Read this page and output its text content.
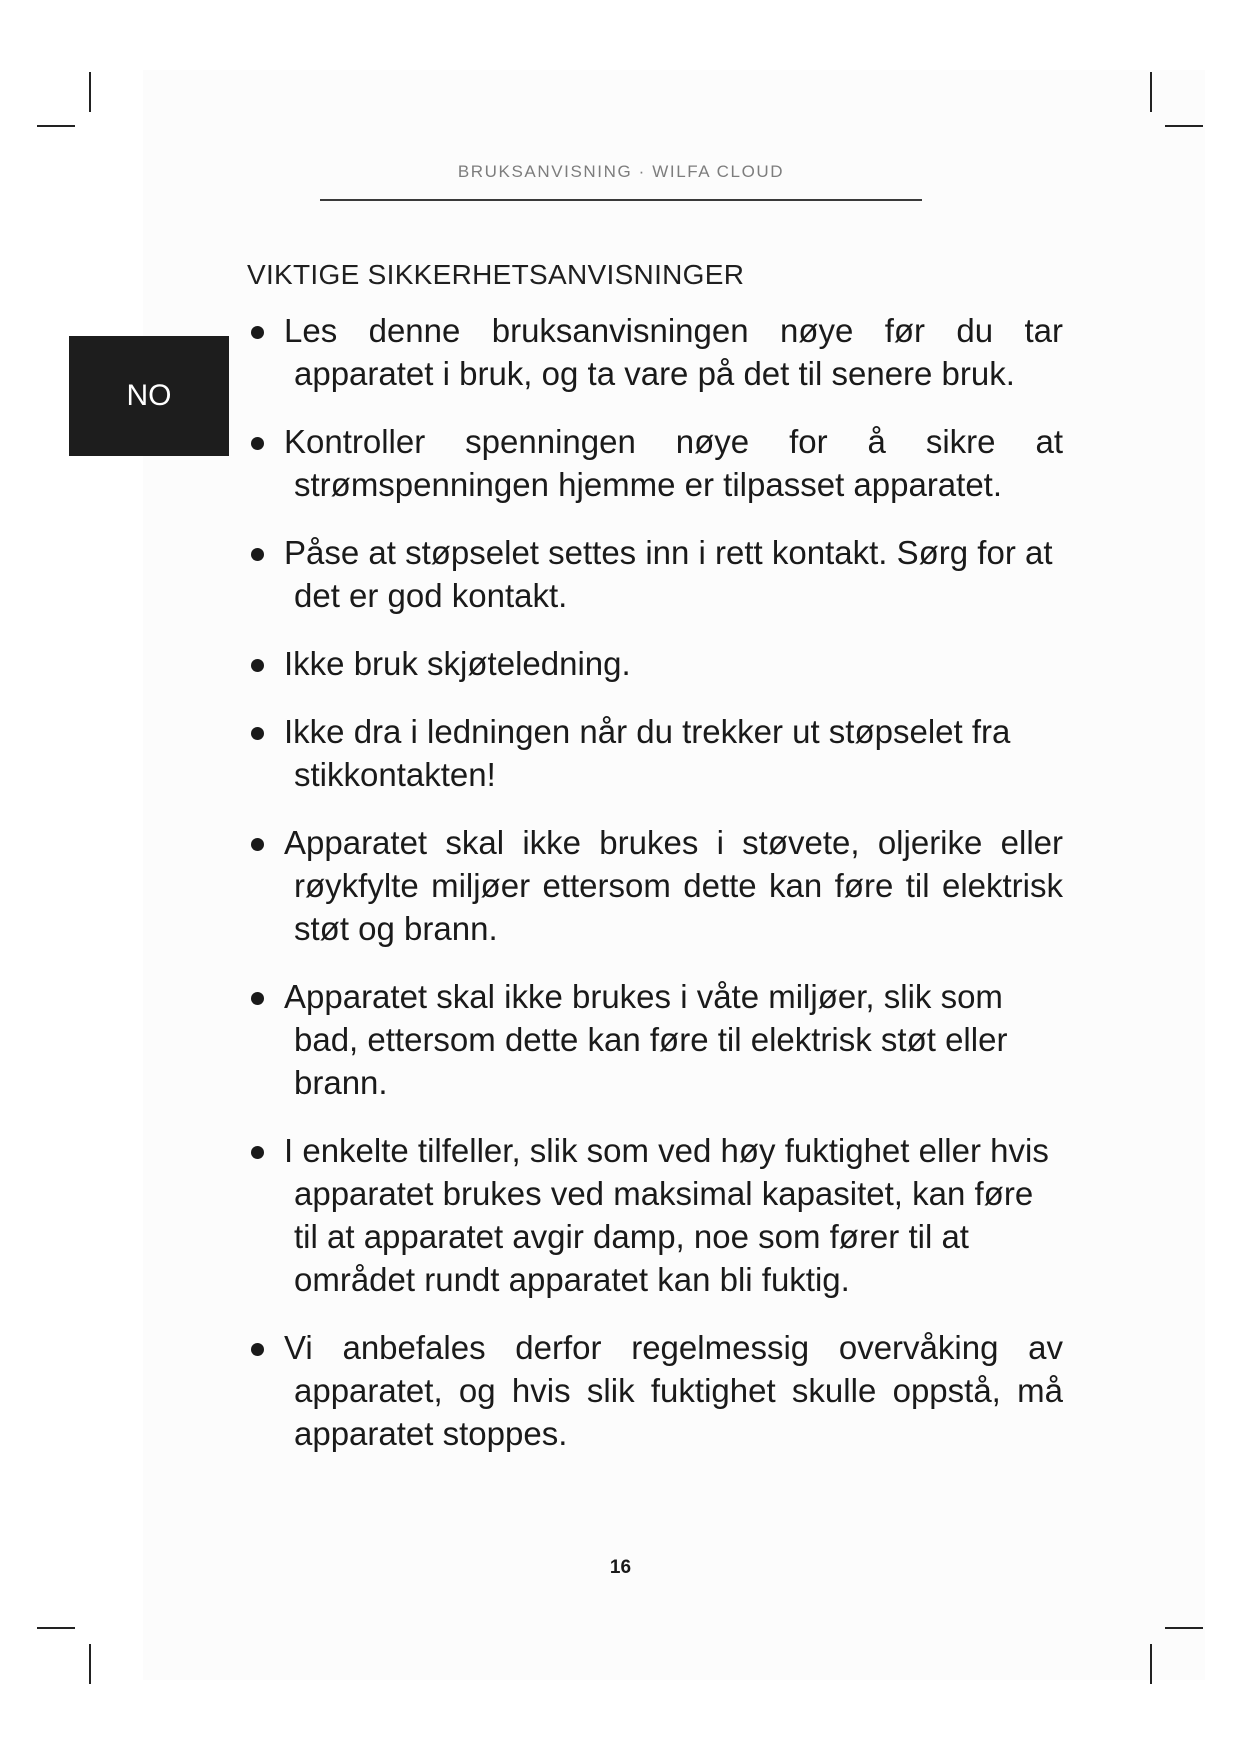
BRUKSANVISNING · WILFA CLOUD
NO
VIKTIGE SIKKERHETSANVISNINGER
Les denne bruksanvisningen nøye før du tar apparatet i bruk, og ta vare på det til senere bruk.
Kontroller spenningen nøye for å sikre at strømspenningen hjemme er tilpasset apparatet.
Påse at støpselet settes inn i rett kontakt. Sørg for at det er god kontakt.
Ikke bruk skjøteledning.
Ikke dra i ledningen når du trekker ut støpselet fra stikkontakten!
Apparatet skal ikke brukes i støvete, oljerike eller røykfylte miljøer ettersom dette kan føre til elektrisk støt og brann.
Apparatet skal ikke brukes i våte miljøer, slik som bad, ettersom dette kan føre til elektrisk støt eller brann.
I enkelte tilfeller, slik som ved høy fuktighet eller hvis apparatet brukes ved maksimal kapasitet, kan føre til at apparatet avgir damp, noe som fører til at området rundt apparatet kan bli fuktig.
Vi anbefales derfor regelmessig overvåking av apparatet, og hvis slik fuktighet skulle oppstå, må apparatet stoppes.
16
